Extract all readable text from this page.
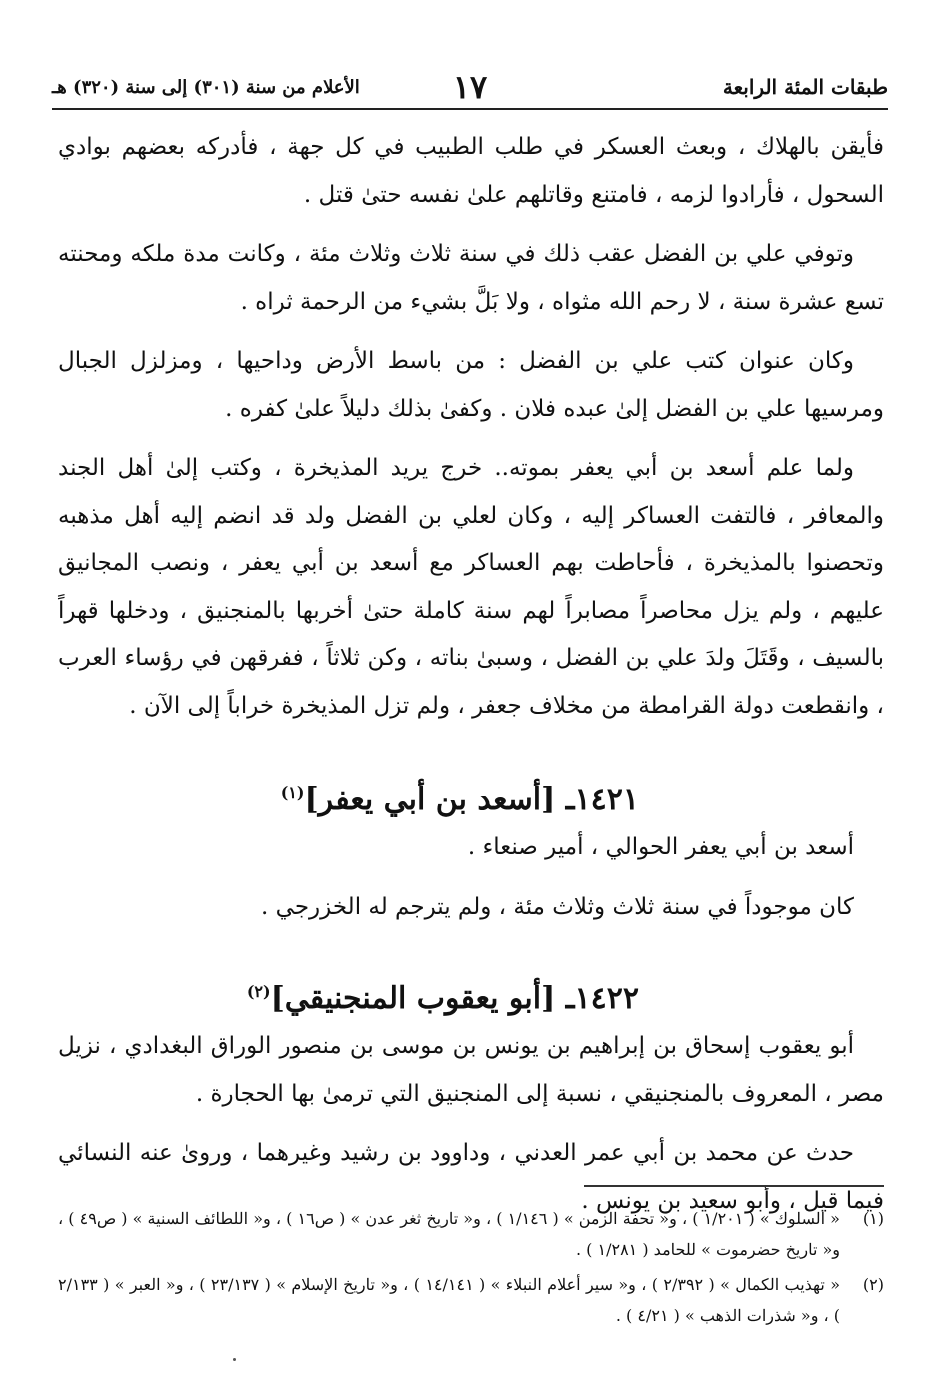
طبقات المئة الرابعة
١٧
الأعلام من سنة (٣٠١) إلى سنة (٣٢٠) هـ

فأيقن بالهلاك ، وبعث العسكر في طلب الطبيب في كل جهة ، فأدركه بعضهم بوادي السحول ، فأرادوا لزمه ، فامتنع وقاتلهم علىٰ نفسه حتىٰ قتل .

وتوفي علي بن الفضل عقب ذلك في سنة ثلاث وثلاث مئة ، وكانت مدة ملكه ومحنته تسع عشرة سنة ، لا رحم الله مثواه ، ولا بَلَّ بشيء من الرحمة ثراه .

وكان عنوان كتب علي بن الفضل : من باسط الأرض وداحيها ، ومزلزل الجبال ومرسيها علي بن الفضل إلىٰ عبده فلان . وكفىٰ بذلك دليلاً علىٰ كفره .

ولما علم أسعد بن أبي يعفر بموته.. خرج يريد المذيخرة ، وكتب إلىٰ أهل الجند والمعافر ، فالتفت العساكر إليه ، وكان لعلي بن الفضل ولد قد انضم إليه أهل مذهبه وتحصنوا بالمذيخرة ، فأحاطت بهم العساكر مع أسعد بن أبي يعفر ، ونصب المجانيق عليهم ، ولم يزل محاصراً مصابراً لهم سنة كاملة حتىٰ أخربها بالمنجنيق ، ودخلها قهراً بالسيف ، وقَتَلَ ولدَ علي بن الفضل ، وسبىٰ بناته ، وكن ثلاثاً ، ففرقهن في رؤساء العرب ، وانقطعت دولة القرامطة من مخلاف جعفر ، ولم تزل المذيخرة خراباً إلى الآن .

١٤٢١ـ [أسعد بن أبي يعفر]$^{(١)}$

أسعد بن أبي يعفر الحوالي ، أمير صنعاء .

كان موجوداً في سنة ثلاث وثلاث مئة ، ولم يترجم له الخزرجي .

١٤٢٢ـ [أبو يعقوب المنجنيقي]$^{(٢)}$

أبو يعقوب إسحاق بن إبراهيم بن يونس بن موسى بن منصور الوراق البغدادي ، نزيل مصر ، المعروف بالمنجنيقي ، نسبة إلى المنجنيق التي ترمىٰ بها الحجارة .

حدث عن محمد بن أبي عمر العدني ، وداوود بن رشيد وغيرهما ، وروىٰ عنه النسائي فيما قيل ، وأبو سعيد بن يونس .

(١)
« السلوك » ( ١/٢٠١ ) ، و« تحفة الزمن » ( ١/١٤٦ ) ، و« تاريخ ثغر عدن » ( ص١٦ ) ، و« اللطائف السنية » ( ص٤٩ ) ، و« تاريخ حضرموت » للحامد ( ١/٢٨١ ) .
(٢)
« تهذيب الكمال » ( ٢/٣٩٢ ) ، و« سير أعلام النبلاء » ( ١٤/١٤١ ) ، و« تاريخ الإسلام » ( ٢٣/١٣٧ ) ، و« العبر » ( ٢/١٣٣ ) ، و« شذرات الذهب » ( ٤/٢١ ) .
